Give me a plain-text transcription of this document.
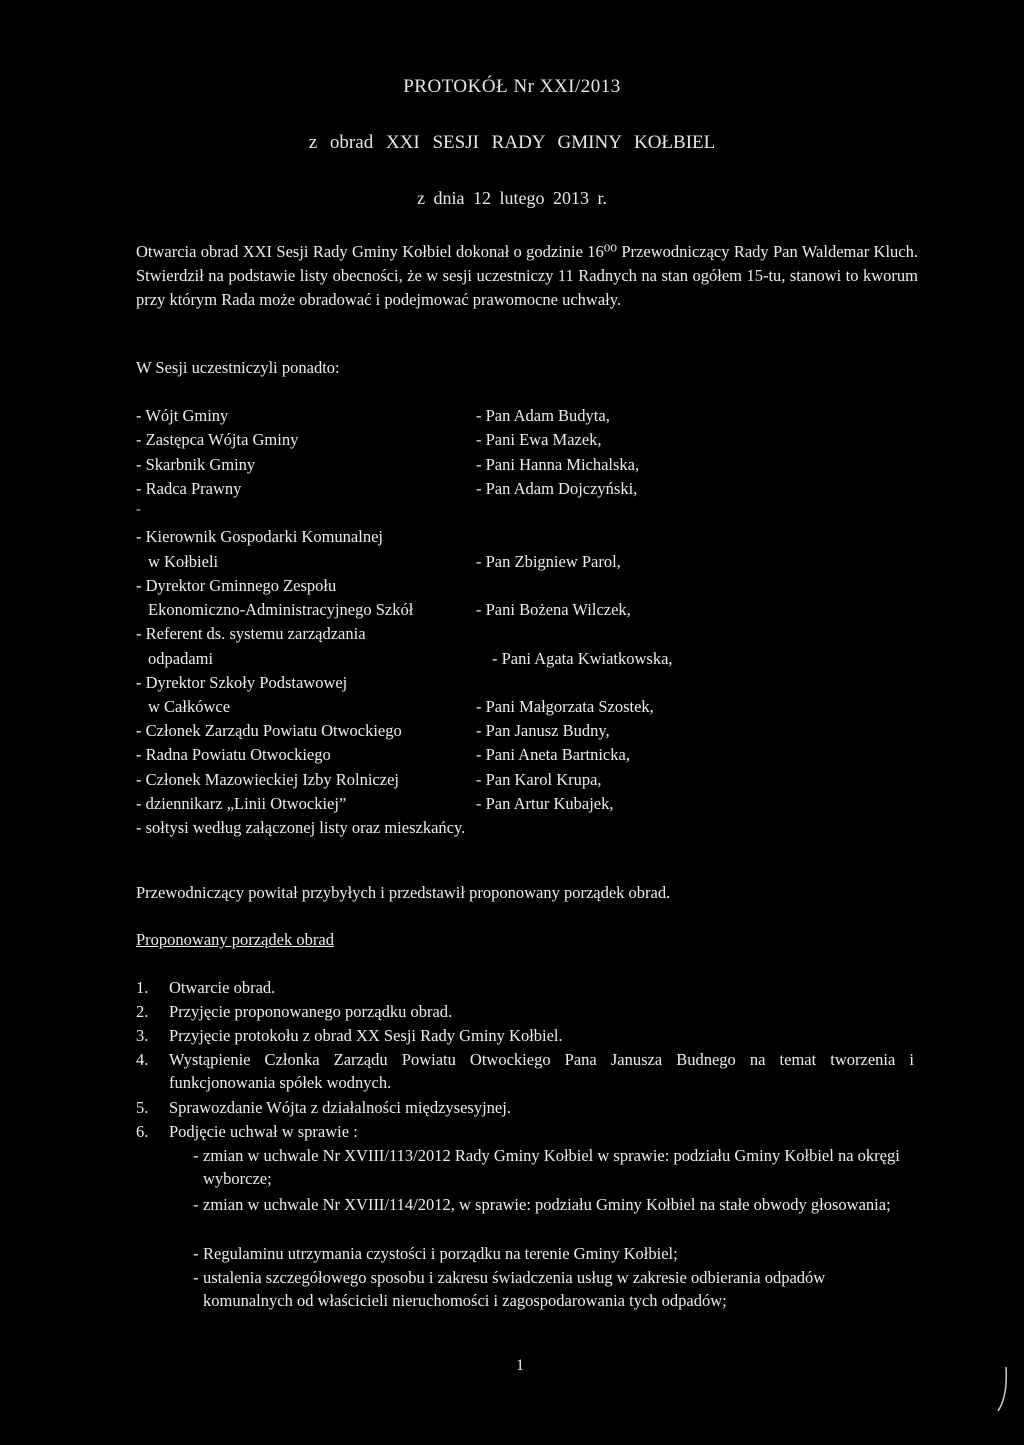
PROTOKÓŁ Nr XXI/2013
z obrad XXI SESJI RADY GMINY KOŁBIEL
z dnia 12 lutego 2013 r.
Otwarcia obrad XXI Sesji Rady Gminy Kołbiel dokonał o godzinie 16⁰⁰ Przewodniczący Rady Pan Waldemar Kluch. Stwierdził na podstawie listy obecności, że w sesji uczestniczy 11 Radnych na stan ogółem 15-tu, stanowi to kworum przy którym Rada może obradować i podejmować prawomocne uchwały.
W Sesji uczestniczyli ponadto:
- Wójt Gminy	- Pan Adam Budyta,
- Zastępca Wójta Gminy	- Pani Ewa Mazek,
- Skarbnik Gminy	- Pani Hanna Michalska,
- Radca Prawny	- Pan Adam Dojczyński,
-
- Kierownik Gospodarki Komunalnej
w Kołbieli	- Pan Zbigniew Parol,
- Dyrektor Gminnego Zespołu
Ekonomiczno-Administracyjnego Szkół	- Pani Bożena Wilczek,
- Referent ds. systemu zarządzania
odpadami	- Pani Agata Kwiatkowska,
- Dyrektor Szkoły Podstawowej
w Całkówce	- Pani Małgorzata Szostek,
- Członek Zarządu Powiatu Otwockiego	- Pan Janusz Budny,
- Radna Powiatu Otwockiego	- Pani Aneta Bartnicka,
- Członek Mazowieckiej Izby Rolniczej	- Pan Karol Krupa,
- dziennikarz „Linii Otwockiej”	- Pan Artur Kubajek,
- sołtysi według załączonej listy oraz mieszkańcy.
Przewodniczący powitał przybyłych i przedstawił proponowany porządek obrad.
Proponowany porządek obrad
1.	Otwarcie obrad.
2.	Przyjęcie proponowanego porządku obrad.
3.	Przyjęcie protokołu z obrad XX Sesji Rady Gminy Kołbiel.
4.	Wystąpienie Członka Zarządu Powiatu Otwockiego Pana Janusza Budnego na temat tworzenia i funkcjonowania spółek wodnych.
5.	Sprawozdanie Wójta z działalności międzysesyjnej.
6.	Podjęcie uchwał w sprawie :
- zmian w uchwale Nr XVIII/113/2012 Rady Gminy Kołbiel w sprawie: podziału Gminy Kołbiel na okręgi wyborcze;
- zmian w uchwale Nr XVIII/114/2012, w sprawie: podziału Gminy Kołbiel na stałe obwody głosowania;
- Regulaminu utrzymania czystości i porządku na terenie Gminy Kołbiel;
- ustalenia szczegółowego sposobu i zakresu świadczenia usług w zakresie odbierania odpadów komunalnych od właścicieli nieruchomości i zagospodarowania tych odpadów;
1
